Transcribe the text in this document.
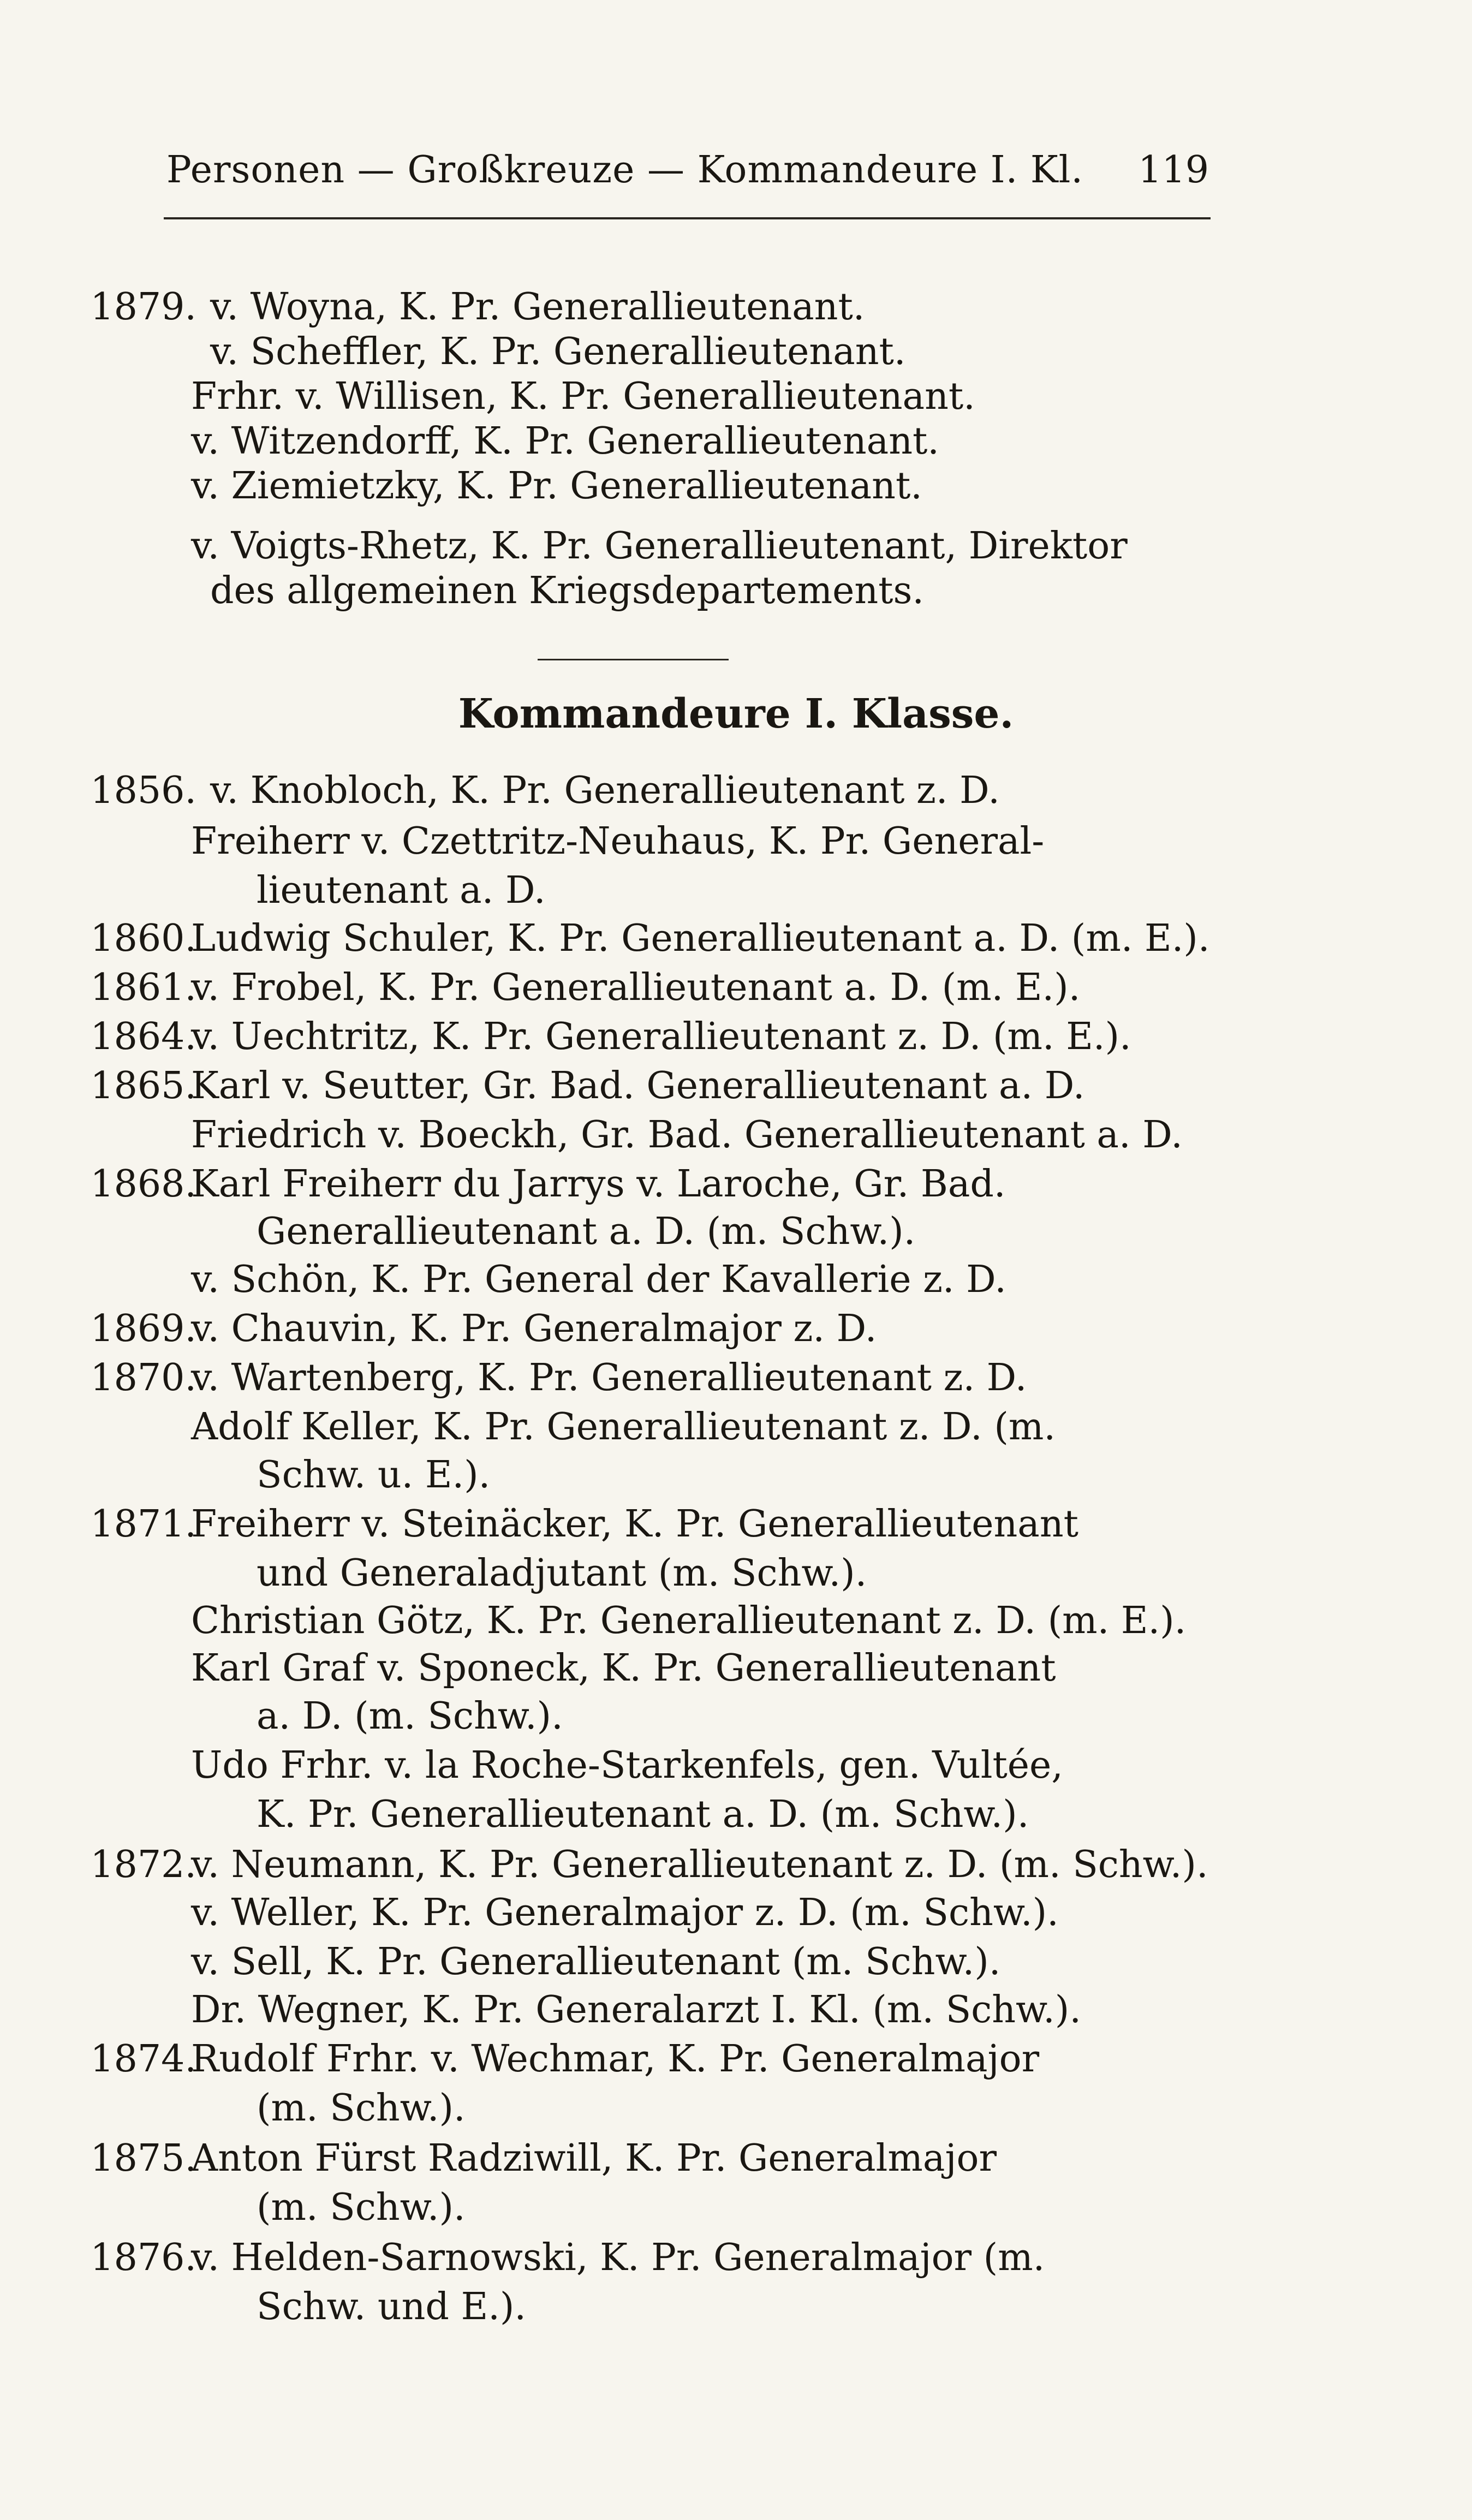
Personen — Großkreuze — Kommandeure I. Kl. 119
1879. v. Woyna, K. Pr. Generallieutenant.
v. Scheffler, K. Pr. Generallieutenant.
Frhr. v. Willisen, K. Pr. Generallieutenant.
v. Witzendorff, K. Pr. Generallieutenant.
v. Ziemietzky, K. Pr. Generallieutenant.
v. Voigts-Rhetz, K. Pr. Generallieutenant, Direktor
des allgemeinen Kriegsdepartements.
Kommandeure I. Klasse.
1856. v. Knobloch, K. Pr. Generallieutenant z. D.
Freiherr v. Czettritz-Neuhaus, K. Pr. General-
lieutenant a. D.
1860.
Ludwig Schuler, K. Pr. Generallieutenant a. D. (m. E.).
1861.
v. Frobel, K. Pr. Generallieutenant a. D. (m. E.).
1864.
v. Uechtritz, K. Pr. Generallieutenant z. D. (m. E.).
1865.
Karl v. Seutter, Gr. Bad. Generallieutenant a. D.
Friedrich v. Boeckh, Gr. Bad. Generallieutenant a. D.
1868.
Karl Freiherr du Jarrys v. Laroche, Gr. Bad.
Generallieutenant a. D. (m. Schw.).
v. Schön, K. Pr. General der Kavallerie z. D.
1869.
v. Chauvin, K. Pr. Generalmajor z. D.
1870.
v. Wartenberg, K. Pr. Generallieutenant z. D.
Adolf Keller, K. Pr. Generallieutenant z. D. (m.
Schw. u. E.).
1871.
Freiherr v. Steinäcker, K. Pr. Generallieutenant
und Generaladjutant (m. Schw.).
Christian Götz, K. Pr. Generallieutenant z. D. (m. E.).
Karl Graf v. Sponeck, K. Pr. Generallieutenant
a. D. (m. Schw.).
Udo Frhr. v. la Roche-Starkenfels, gen. Vultée,
K. Pr. Generallieutenant a. D. (m. Schw.).
1872.
v. Neumann, K. Pr. Generallieutenant z. D. (m. Schw.).
v. Weller, K. Pr. Generalmajor z. D. (m. Schw.).
v. Sell, K. Pr. Generallieutenant (m. Schw.).
Dr. Wegner, K. Pr. Generalarzt I. Kl. (m. Schw.).
1874.
Rudolf Frhr. v. Wechmar, K. Pr. Generalmajor
(m. Schw.).
1875.
Anton Fürst Radziwill, K. Pr. Generalmajor
(m. Schw.).
1876.
v. Helden-Sarnowski, K. Pr. Generalmajor (m.
Schw. und E.).
